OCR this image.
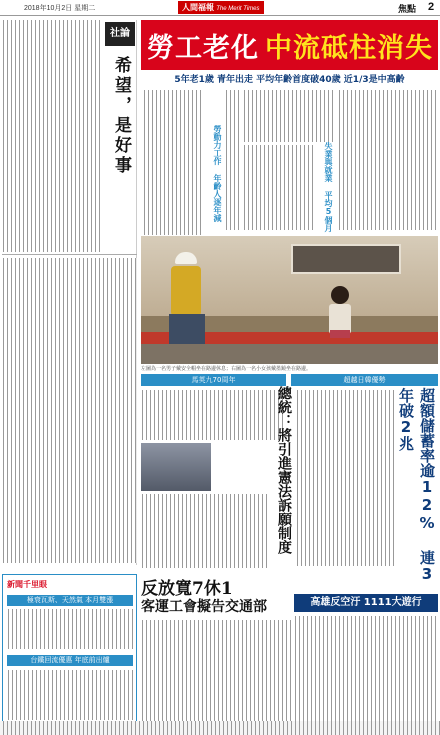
2018年10月2日 星期二	人間福報 The Merit Times	焦點 2
社論
希望，是好事
勞工老化 中流砥柱消失
5年老1歲 青年出走 平均年齡首度破40歲 近1/3是中高齡
失業與就業 平均5個月
勞動力工作 年齡人逐年減
左圖為一名男子戴安全帽坐在路邊休息；右圖為一名小女孩戴墨鏡坐在路邊。
馬英九70周年	超越日韓優勢
總統：將引進憲法訴願制度	超額儲蓄率逾12% 連3年破2兆
新聞千里眼
極衰瓦斯、天然氣 本月雙漲
台鐵回流優惠 年底前出爐
反放寬7休1
客運工會擬告交通部	高雄反空汙 1111大遊行
